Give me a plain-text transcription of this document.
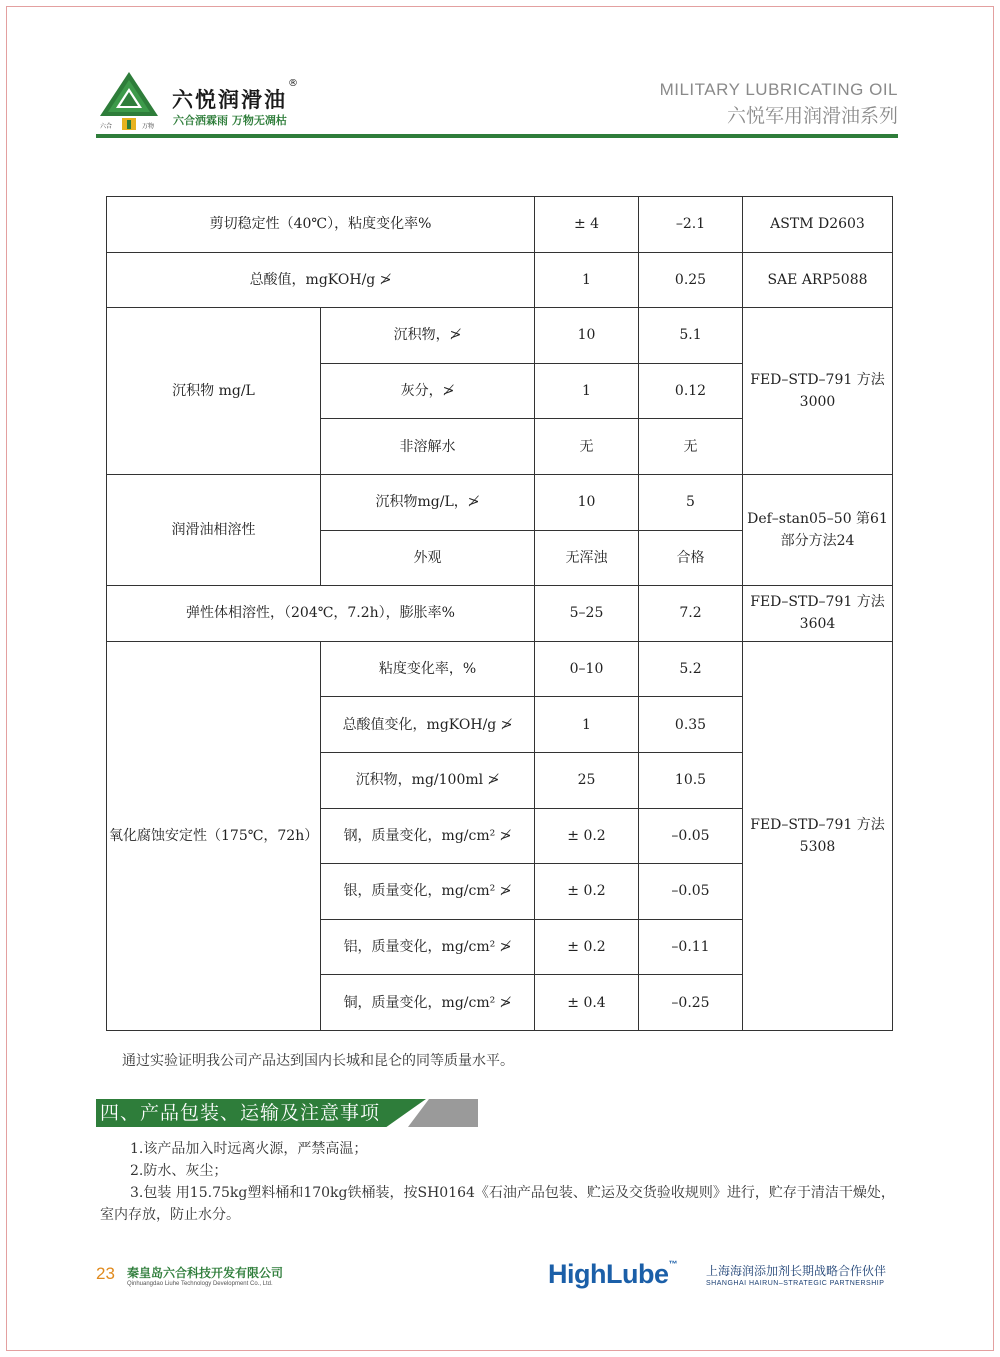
六合	万物
六悦润滑油
®
六合洒霖雨 万物无凋枯
MILITARY LUBRICATING OIL
六悦军用润滑油系列
剪切稳定性（40℃），粘度变化率%		± 4	–2.1	ASTM D2603
总酸值，mgKOH/g ≯		1	0.25	SAE ARP5088
沉积物 mg/L	沉积物，≯	10	5.1	FED–STD–791 方法3000
	灰分，≯	1	0.12	
	非溶解水	无	无	
润滑油相溶性	沉积物mg/L，≯	10	5	Def–stan05–50 第61部分方法24
	外观	无浑浊	合格	
弹性体相溶性，（204℃，7.2h），膨胀率%		5–25	7.2	FED–STD–791 方法3604
氧化腐蚀安定性（175℃，72h）	粘度变化率，%	0–10	5.2	FED–STD–791 方法5308
	总酸值变化，mgKOH/g ≯	1	0.35	
	沉积物，mg/100ml ≯	25	10.5	
	钢，质量变化，mg/cm² ≯	± 0.2	–0.05	
	银，质量变化，mg/cm² ≯	± 0.2	–0.05	
	铝，质量变化，mg/cm² ≯	± 0.2	–0.11	
	铜，质量变化，mg/cm² ≯	± 0.4	–0.25	
通过实验证明我公司产品达到国内长城和昆仑的同等质量水平。
四、产品包装、运输及注意事项

1.该产品加入时远离火源，严禁高温；

2.防水、灰尘；

3.包装 用15.75kg塑料桶和170kg铁桶装，按SH0164《石油产品包装、贮运及交货验收规则》进行，贮存于清洁干燥处，室内存放，防止水分。

23 秦皇岛六合科技开发有限公司
Qinhuangdao Liuhe Technology Development Co., Ltd.	HighLube™ 上海海润添加剂长期战略合作伙伴
SHANGHAI HAIRUN–STRATEGIC PARTNERSHIP
